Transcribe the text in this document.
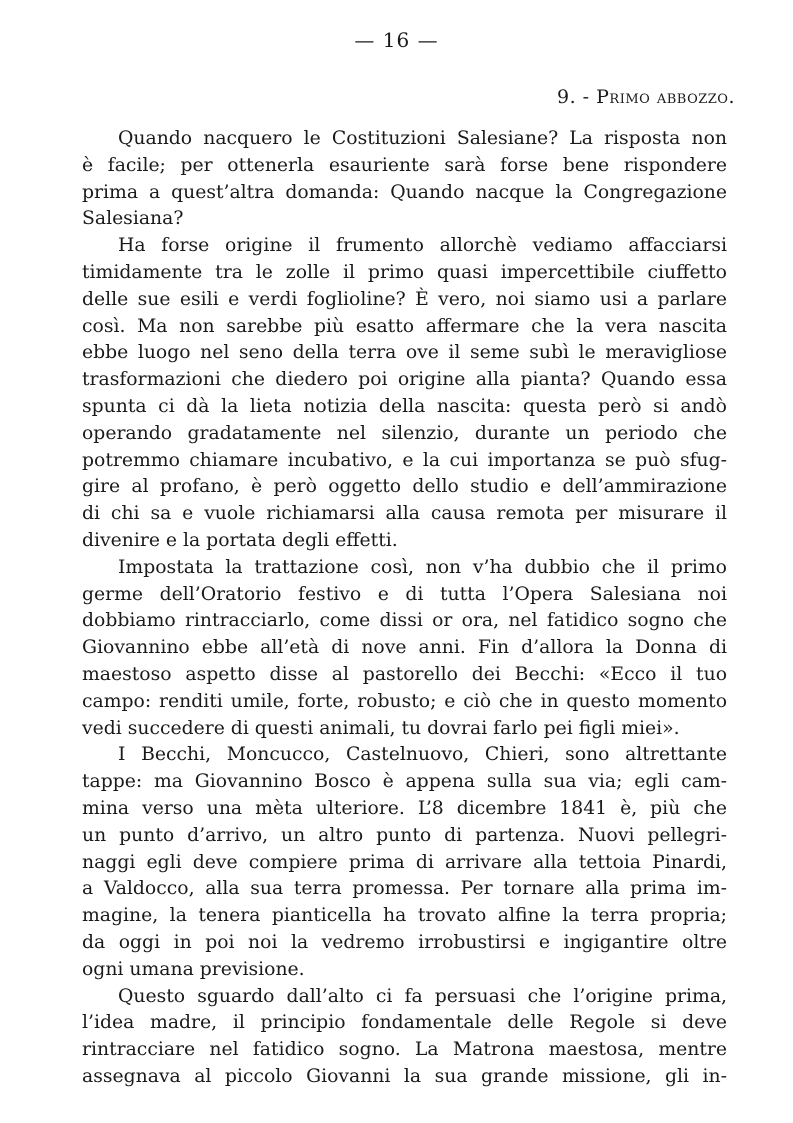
— 16 —
9. - Primo abbozzo.
Quando nacquero le Costituzioni Salesiane? La risposta non
è facile; per ottenerla esauriente sarà forse bene rispondere
prima a quest’altra domanda: Quando nacque la Congregazione
Salesiana?
Ha forse origine il frumento allorchè vediamo affacciarsi
timidamente tra le zolle il primo quasi impercettibile ciuffetto
delle sue esili e verdi foglioline? È vero, noi siamo usi a parlare
così. Ma non sarebbe più esatto affermare che la vera nascita
ebbe luogo nel seno della terra ove il seme subì le meravigliose
trasformazioni che diedero poi origine alla pianta? Quando essa
spunta ci dà la lieta notizia della nascita: questa però si andò
operando gradatamente nel silenzio, durante un periodo che
potremmo chiamare incubativo, e la cui importanza se può sfug-
gire al profano, è però oggetto dello studio e dell’ammirazione
di chi sa e vuole richiamarsi alla causa remota per misurare il
divenire e la portata degli effetti.
Impostata la trattazione così, non v’ha dubbio che il primo
germe dell’Oratorio festivo e di tutta l’Opera Salesiana noi
dobbiamo rintracciarlo, come dissi or ora, nel fatidico sogno che
Giovannino ebbe all’età di nove anni. Fin d’allora la Donna di
maestoso aspetto disse al pastorello dei Becchi: «Ecco il tuo
campo: renditi umile, forte, robusto; e ciò che in questo momento
vedi succedere di questi animali, tu dovrai farlo pei figli miei».
I Becchi, Moncucco, Castelnuovo, Chieri, sono altrettante
tappe: ma Giovannino Bosco è appena sulla sua via; egli cam-
mina verso una mèta ulteriore. L’8 dicembre 1841 è, più che
un punto d’arrivo, un altro punto di partenza. Nuovi pellegri-
naggi egli deve compiere prima di arrivare alla tettoia Pinardi,
a Valdocco, alla sua terra promessa. Per tornare alla prima im-
magine, la tenera pianticella ha trovato alfine la terra propria;
da oggi in poi noi la vedremo irrobustirsi e ingigantire oltre
ogni umana previsione.
Questo sguardo dall’alto ci fa persuasi che l’origine prima,
l’idea madre, il principio fondamentale delle Regole si deve
rintracciare nel fatidico sogno. La Matrona maestosa, mentre
assegnava al piccolo Giovanni la sua grande missione, gli in-
